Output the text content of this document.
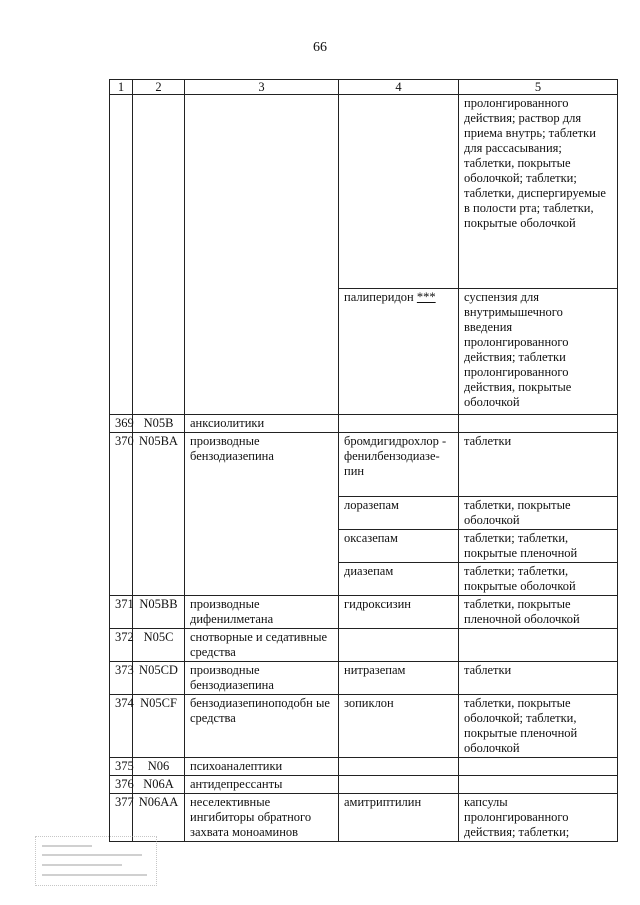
66
1	2	3	4	5
				пролонгированного действия; раствор для приема внутрь; таблетки для рассасывания; таблетки, покрытые оболочкой; таблетки; таблетки, диспергируемые в полости рта; таблетки, покрытые оболочкой
			палиперидон ***	суспензия для внутримышечного введения пролонгированного действия; таблетки пролонгированного действия, покрытые оболочкой
369	N05B	анксиолитики		
370	N05BA	производные бензодиазепина	бромдигидрохлор - фенилбензодиазе-пин	таблетки
			лоразепам	таблетки, покрытые оболочкой
			оксазепам	таблетки; таблетки, покрытые пленочной
			диазепам	таблетки; таблетки, покрытые оболочкой
371	N05BB	производные дифенилметана	гидроксизин	таблетки, покрытые пленочной оболочкой
372	N05C	снотворные и седативные средства		
373	N05CD	производные бензодиазепина	нитразепам	таблетки
374	N05CF	бензодиазепиноподобн ые средства	зопиклон	таблетки, покрытые оболочкой; таблетки, покрытые пленочной оболочкой
375	N06	психоаналептики		
376	N06A	антидепрессанты		
377	N06AA	неселективные ингибиторы обратного захвата моноаминов	амитриптилин	капсулы пролонгированного действия; таблетки;
